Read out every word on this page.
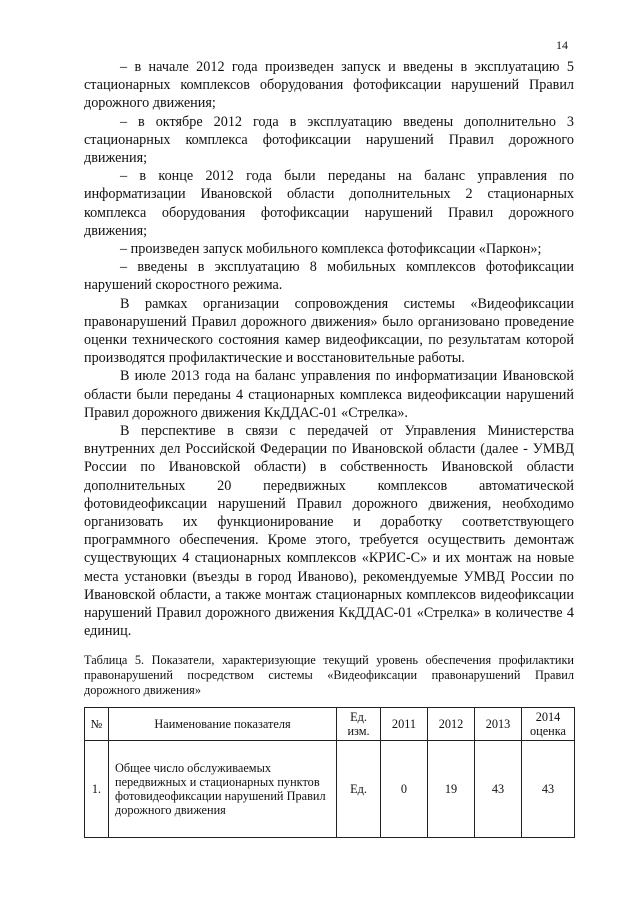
14

– в начале 2012 года произведен запуск и введены в эксплуатацию 5 стационарных комплексов оборудования фотофиксации нарушений Правил дорожного движения;

– в октябре 2012 года в эксплуатацию введены дополнительно 3 стационарных комплекса фотофиксации нарушений Правил дорожного движения;

– в конце 2012 года были переданы на баланс управления по информатизации Ивановской области дополнительных 2 стационарных комплекса оборудования фотофиксации нарушений Правил дорожного движения;

– произведен запуск мобильного комплекса фотофиксации «Паркон»;

– введены в эксплуатацию 8 мобильных комплексов фотофиксации нарушений скоростного режима.

В рамках организации сопровождения системы «Видеофиксации правонарушений Правил дорожного движения» было организовано проведение оценки технического состояния камер видеофиксации, по результатам которой производятся профилактические и восстановительные работы.

В июле 2013 года на баланс управления по информатизации Ивановской области были переданы 4 стационарных комплекса видеофиксации нарушений Правил дорожного движения КкДДАС-01 «Стрелка».

В перспективе в связи с передачей от Управления Министерства внутренних дел Российской Федерации по Ивановской области (далее - УМВД России по Ивановской области) в собственность Ивановской области дополнительных 20 передвижных комплексов автоматической фотовидеофиксации нарушений Правил дорожного движения, необходимо организовать их функционирование и доработку соответствующего программного обеспечения. Кроме этого, требуется осуществить демонтаж существующих 4 стационарных комплексов «КРИС-С» и их монтаж на новые места установки (въезды в город Иваново), рекомендуемые УМВД России по Ивановской области, а также монтаж стационарных комплексов видеофиксации нарушений Правил дорожного движения КкДДАС-01 «Стрелка» в количестве 4 единиц.

Таблица 5. Показатели, характеризующие текущий уровень обеспечения профилактики правонарушений посредством системы «Видеофиксации правонарушений Правил дорожного движения»

№	Наименование показателя	Ед. изм.	2011	2012	2013	2014 оценка
1.	Общее число обслуживаемых передвижных и стационарных пунктов фотовидеофиксации нарушений Правил дорожного движения	Ед.	0	19	43	43
